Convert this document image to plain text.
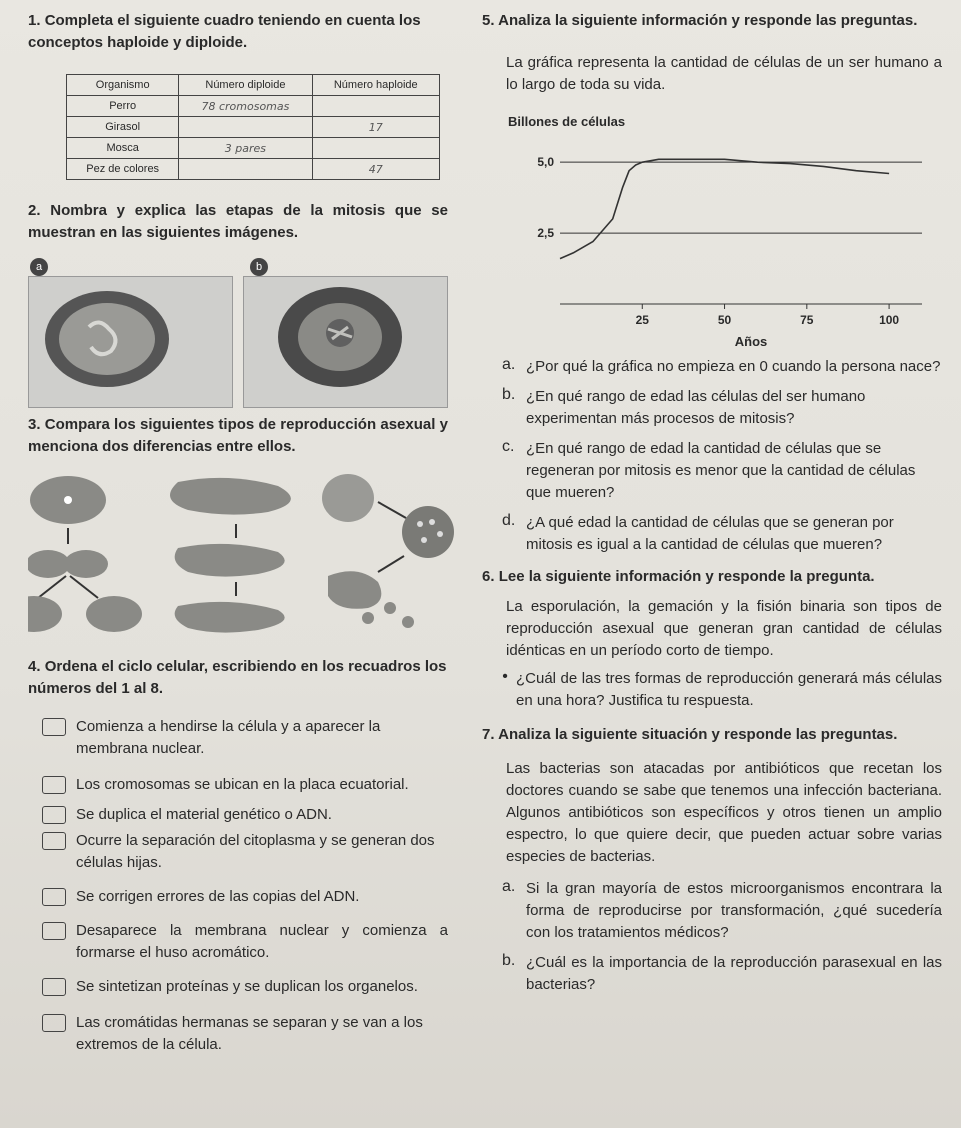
1. Completa el siguiente cuadro teniendo en cuenta los conceptos haploide y diploide.

Organismo	Número diploide	Número haploide
Perro	78 cromosomas	
Girasol		17
Mosca	3 pares	
Pez de colores		47

2. Nombra y explica las etapas de la mitosis que se muestran en las siguientes imágenes.

a	b

3. Compara los siguientes tipos de reproducción asexual y menciona dos diferencias entre ellos.

4. Ordena el ciclo celular, escribiendo en los recuadros los números del 1 al 8.

Comienza a hendirse la célula y a aparecer la membrana nuclear.
Los cromosomas se ubican en la placa ecuatorial.
Se duplica el material genético o ADN.
Ocurre la separación del citoplasma y se generan dos células hijas.
Se corrigen errores de las copias del ADN.
Desaparece la membrana nuclear y comienza a formarse el huso acromático.
Se sintetizan proteínas y se duplican los organelos.
Las cromátidas hermanas se separan y se van a los extremos de la célula.

5. Analiza la siguiente información y responde las preguntas.

La gráfica representa la cantidad de células de un ser humano a lo largo de toda su vida.

Billones de células
2,5
5,0
25	50	75	100
Años
a. ¿Por qué la gráfica no empieza en 0 cuando la persona nace?

b. ¿En qué rango de edad las células del ser humano experimentan más procesos de mitosis?

c. ¿En qué rango de edad la cantidad de células que se regeneran por mitosis es menor que la cantidad de células que mueren?

d. ¿A qué edad la cantidad de células que se generan por mitosis es igual a la cantidad de células que mueren?

6. Lee la siguiente información y responde la pregunta.

La esporulación, la gemación y la fisión binaria son tipos de reproducción asexual que generan gran cantidad de células idénticas en un período corto de tiempo.

• ¿Cuál de las tres formas de reproducción generará más células en una hora? Justifica tu respuesta.

7. Analiza la siguiente situación y responde las preguntas.

Las bacterias son atacadas por antibióticos que recetan los doctores cuando se sabe que tenemos una infección bacteriana. Algunos antibióticos son específicos y otros tienen un amplio espectro, lo que quiere decir, que pueden actuar sobre varias especies de bacterias.

a. Si la gran mayoría de estos microorganismos encontrara la forma de reproducirse por transformación, ¿qué sucedería con los tratamientos médicos?

b. ¿Cuál es la importancia de la reproducción parasexual en las bacterias?
